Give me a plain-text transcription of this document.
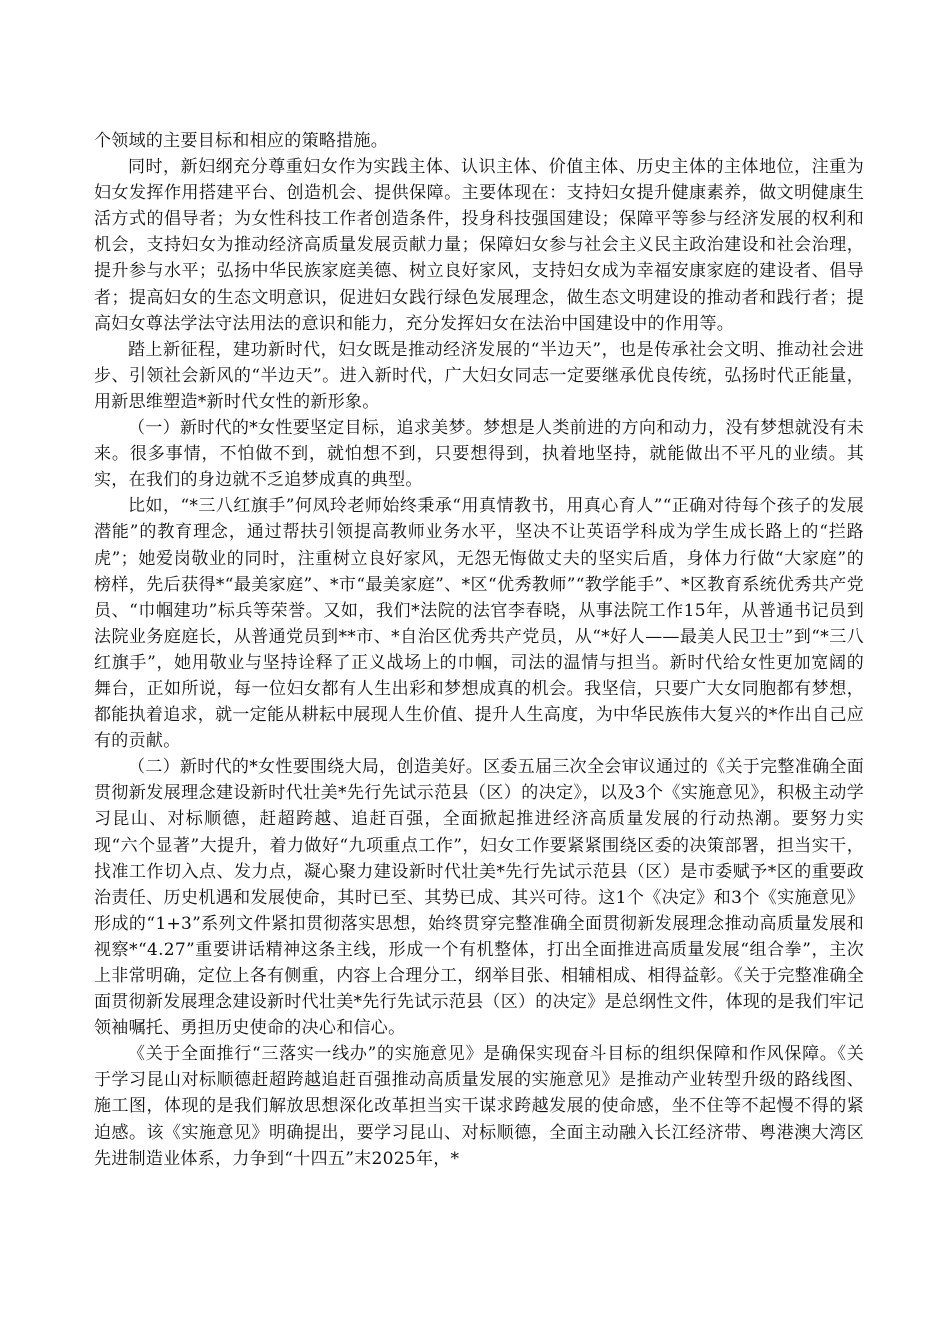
个领域的主要目标和相应的策略措施。

同时，新妇纲充分尊重妇女作为实践主体、认识主体、价值主体、历史主体的主体地位，注重为妇女发挥作用搭建平台、创造机会、提供保障。主要体现在：支持妇女提升健康素养，做文明健康生活方式的倡导者；为女性科技工作者创造条件，投身科技强国建设；保障平等参与经济发展的权利和机会，支持妇女为推动经济高质量发展贡献力量；保障妇女参与社会主义民主政治建设和社会治理，提升参与水平；弘扬中华民族家庭美德、树立良好家风，支持妇女成为幸福安康家庭的建设者、倡导者；提高妇女的生态文明意识，促进妇女践行绿色发展理念，做生态文明建设的推动者和践行者；提高妇女尊法学法守法用法的意识和能力，充分发挥妇女在法治中国建设中的作用等。

踏上新征程，建功新时代，妇女既是推动经济发展的“半边天”，也是传承社会文明、推动社会进步、引领社会新风的“半边天”。进入新时代，广大妇女同志一定要继承优良传统，弘扬时代正能量，用新思维塑造*新时代女性的新形象。

（一）新时代的*女性要坚定目标，追求美梦。梦想是人类前进的方向和动力，没有梦想就没有未来。很多事情，不怕做不到，就怕想不到，只要想得到，执着地坚持，就能做出不平凡的业绩。其实，在我们的身边就不乏追梦成真的典型。

比如，“*三八红旗手”何凤玲老师始终秉承“用真情教书，用真心育人”“正确对待每个孩子的发展潜能”的教育理念，通过帮扶引领提高教师业务水平，坚决不让英语学科成为学生成长路上的“拦路虎”；她爱岗敬业的同时，注重树立良好家风，无怨无悔做丈夫的坚实后盾，身体力行做“大家庭”的榜样，先后获得*“最美家庭”、*市“最美家庭”、*区“优秀教师”“教学能手”、*区教育系统优秀共产党员、“巾帼建功”标兵等荣誉。又如，我们*法院的法官李春晓，从事法院工作15年，从普通书记员到法院业务庭庭长，从普通党员到**市、*自治区优秀共产党员，从“*好人——最美人民卫士”到“*三八红旗手”，她用敬业与坚持诠释了正义战场上的巾帼，司法的温情与担当。新时代给女性更加宽阔的舞台，正如所说，每一位妇女都有人生出彩和梦想成真的机会。我坚信，只要广大女同胞都有梦想，都能执着追求，就一定能从耕耘中展现人生价值、提升人生高度，为中华民族伟大复兴的*作出自己应有的贡献。

（二）新时代的*女性要围绕大局，创造美好。区委五届三次全会审议通过的《关于完整准确全面贯彻新发展理念建设新时代壮美*先行先试示范县（区）的决定》，以及3个《实施意见》，积极主动学习昆山、对标顺德，赶超跨越、追赶百强，全面掀起推进经济高质量发展的行动热潮。要努力实现“六个显著”大提升，着力做好“九项重点工作”，妇女工作要紧紧围绕区委的决策部署，担当实干，找准工作切入点、发力点，凝心聚力建设新时代壮美*先行先试示范县（区）是市委赋予*区的重要政治责任、历史机遇和发展使命，其时已至、其势已成、其兴可待。这1个《决定》和3个《实施意见》形成的“1+3”系列文件紧扣贯彻落实思想，始终贯穿完整准确全面贯彻新发展理念推动高质量发展和视察*“4.27”重要讲话精神这条主线，形成一个有机整体，打出全面推进高质量发展“组合拳”，主次上非常明确，定位上各有侧重，内容上合理分工，纲举目张、相辅相成、相得益彰。《关于完整准确全面贯彻新发展理念建设新时代壮美*先行先试示范县（区）的决定》是总纲性文件，体现的是我们牢记领袖嘱托、勇担历史使命的决心和信心。

《关于全面推行“三落实一线办”的实施意见》是确保实现奋斗目标的组织保障和作风保障。《关于学习昆山对标顺德赶超跨越追赶百强推动高质量发展的实施意见》是推动产业转型升级的路线图、施工图，体现的是我们解放思想深化改革担当实干谋求跨越发展的使命感，坐不住等不起慢不得的紧迫感。该《实施意见》明确提出，要学习昆山、对标顺德，全面主动融入长江经济带、粤港澳大湾区先进制造业体系，力争到“十四五”末2025年，*
